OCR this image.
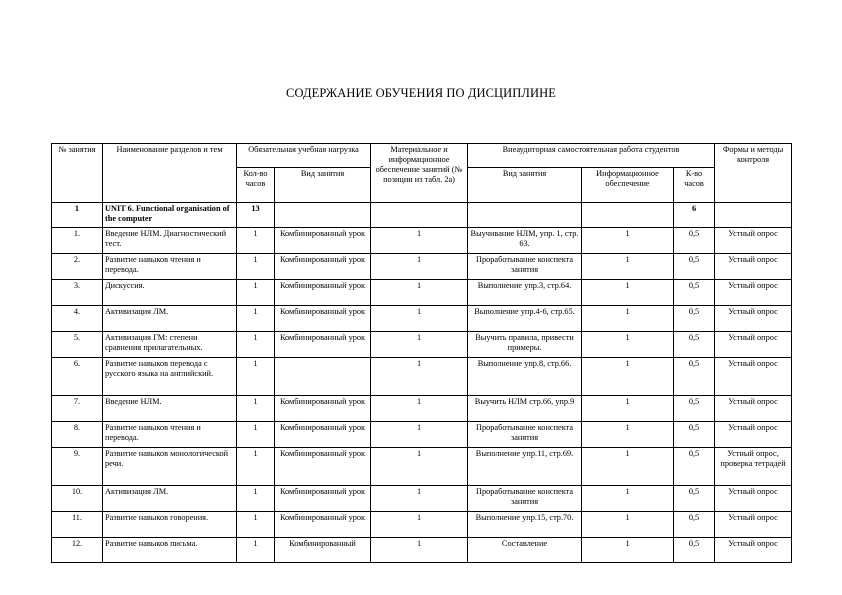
СОДЕРЖАНИЕ ОБУЧЕНИЯ ПО ДИСЦИПЛИНЕ
№ занятия	Наименование разделов и тем	Обязательная учебная нагрузка		Материальное и информационное обеспечение занятий (№ позиции из табл. 2а)	Внеаудиторная самостоятельная работа студентов			Формы и методы контроля
		Кол-во часов	Вид занятия		Вид занятия	Информационное обеспечение	К-во часов	
1	UNIT 6. Functional organisation of the computer	13					6	
1.	Введение НЛМ. Диагностический тест.	1	Комбинированный урок	1	Выучивание НЛМ, упр. 1, стр. 63.	1	0,5	Устный опрос
2.	Развитие навыков чтения и перевода.	1	Комбинированный урок	1	Проработывание конспекта занятия	1	0,5	Устный опрос
3.	Дискуссия.	1	Комбинированный урок	1	Выполнение упр.3, стр.64.	1	0,5	Устный опрос
4.	Активизация ЛМ.	1	Комбинированный урок	1	Выполнение упр.4-6, стр.65.	1	0,5	Устный опрос
5.	Активизация ГМ: степени сравнения прилагательных.	1	Комбинированный урок	1	Выучить правила, привести примеры.	1	0,5	Устный опрос
6.	Развитие навыков перевода с русского языка на английский.	1		1	Выполнение упр.8, стр.66.	1	0,5	Устный опрос
7.	Введение НЛМ.	1	Комбинированный урок	1	Выучить НЛМ стр.66, упр.9	1	0,5	Устный опрос
8.	Развитие навыков чтения и перевода.	1	Комбинированный урок	1	Проработывание конспекта занятия	1	0,5	Устный опрос
9.	Развитие навыков монологической речи.	1	Комбинированный урок	1	Выполнение упр.11, стр.69.	1	0,5	Устный опрос, проверка тетрадей
10.	Активизация ЛМ.	1	Комбинированный урок	1	Проработывание конспекта занятия	1	0,5	Устный опрос
11.	Развитие навыков говорения.	1	Комбинированный урок	1	Выполнение упр.15, стр.70.	1	0,5	Устный опрос
12.	Развитие навыков письма.	1	Комбинированный	1	Составление	1	0,5	Устный опрос
